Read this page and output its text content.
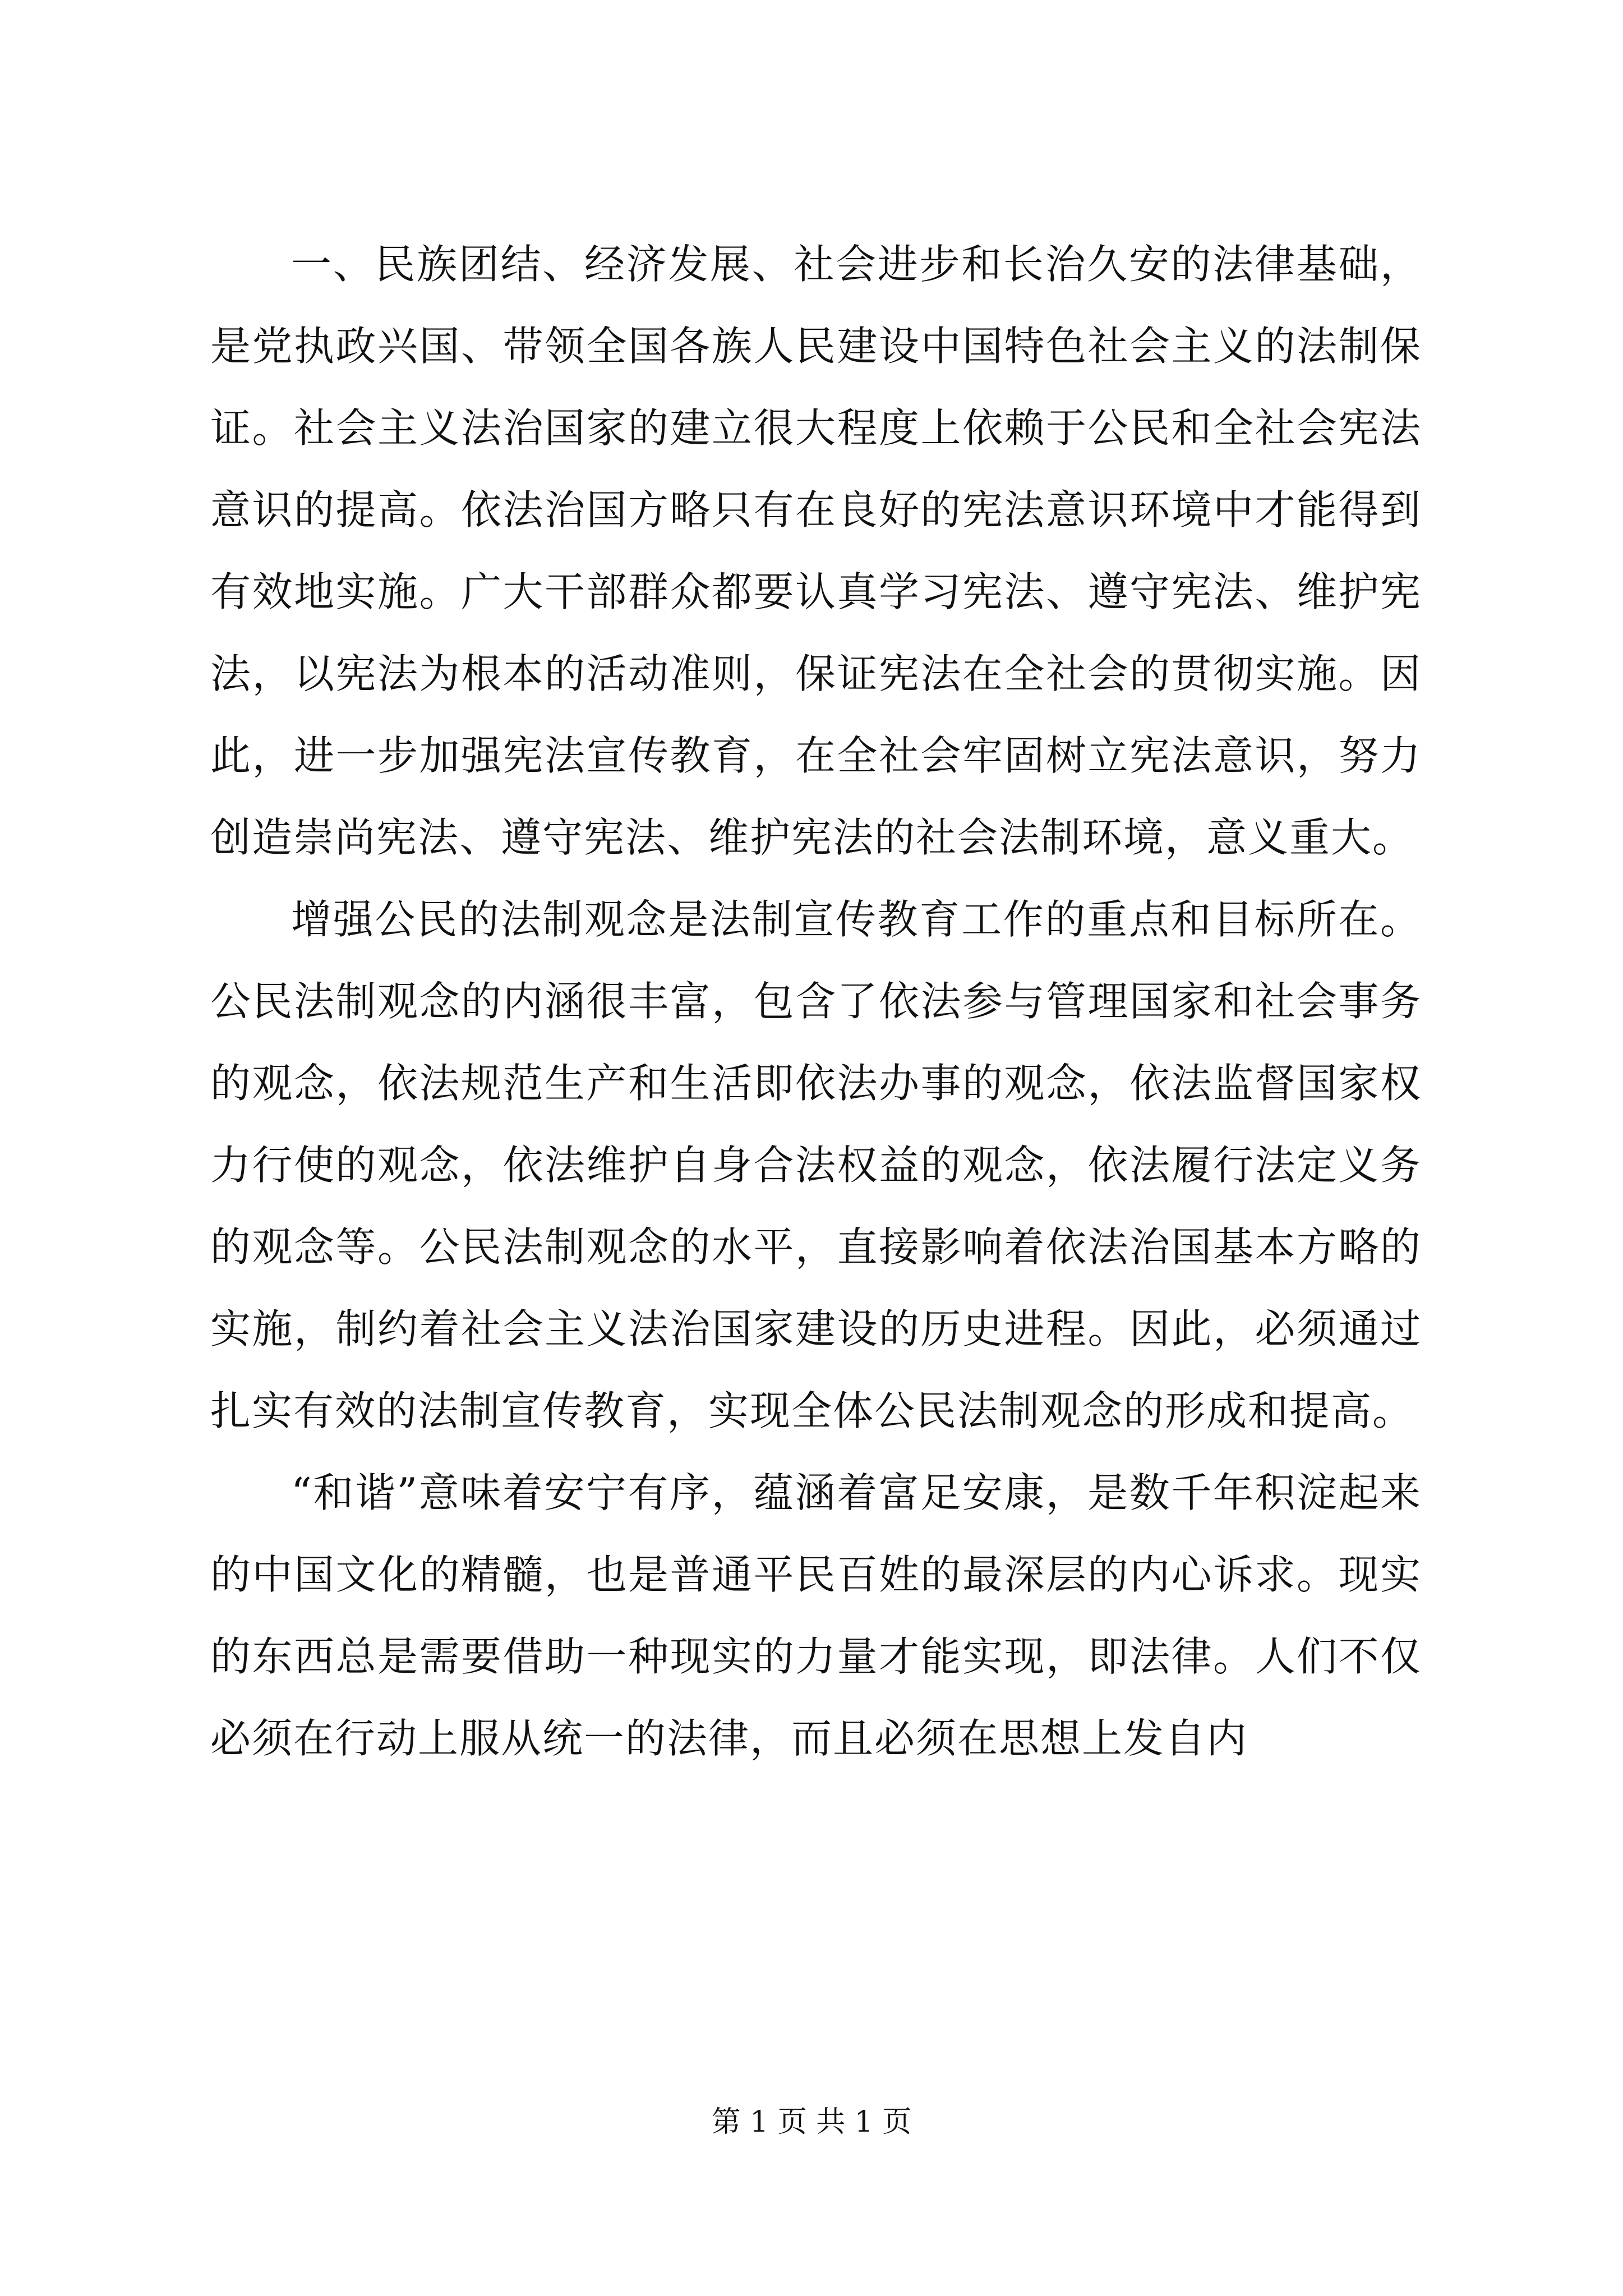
一、民族团结、经济发展、社会进步和长治久安的法律基础，是党执政兴国、带领全国各族人民建设中国特色社会主义的法制保证。社会主义法治国家的建立很大程度上依赖于公民和全社会宪法意识的提高。依法治国方略只有在良好的宪法意识环境中才能得到有效地实施。广大干部群众都要认真学习宪法、遵守宪法、维护宪法，以宪法为根本的活动准则，保证宪法在全社会的贯彻实施。因此，进一步加强宪法宣传教育，在全社会牢固树立宪法意识，努力创造崇尚宪法、遵守宪法、维护宪法的社会法制环境，意义重大。

增强公民的法制观念是法制宣传教育工作的重点和目标所在。公民法制观念的内涵很丰富，包含了依法参与管理国家和社会事务的观念，依法规范生产和生活即依法办事的观念，依法监督国家权力行使的观念，依法维护自身合法权益的观念，依法履行法定义务的观念等。公民法制观念的水平，直接影响着依法治国基本方略的实施，制约着社会主义法治国家建设的历史进程。因此，必须通过扎实有效的法制宣传教育，实现全体公民法制观念的形成和提高。

“和谐”意味着安宁有序，蕴涵着富足安康，是数千年积淀起来的中国文化的精髓，也是普通平民百姓的最深层的内心诉求。现实的东西总是需要借助一种现实的力量才能实现，即法律。人们不仅必须在行动上服从统一的法律，而且必须在思想上发自内

第 1 页 共 1 页
